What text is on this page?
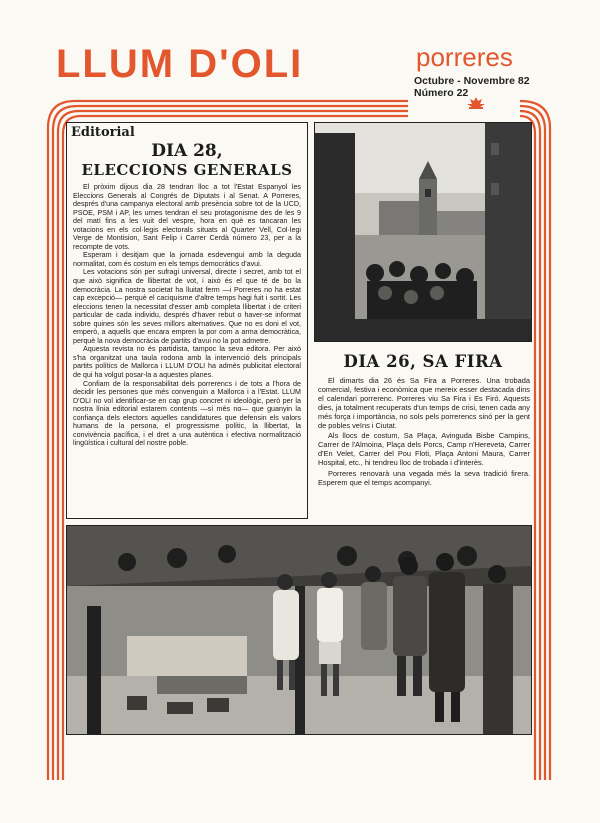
LLUM D'OLI	porreres
Octubre - Novembre 82
Número 22
Editorial
DIA 28,
ELECCIONS GENERALS

El pròxim dijous dia 28 tendran lloc a tot l'Estat Espanyol les Eleccions Generals al Congrés de Diputats i al Senat. A Porreres, després d'una campanya electoral amb presència sobre tot de la UCD, PSOE, PSM i AP, les urnes tendran el seu protagonisme des de les 9 del matí fins a les vuit del vespre, hora en què es tancaran les votacions en els col·legis electorals situats al Quarter Vell, Col·legi Verge de Montision, Sant Felip i Carrer Cerdà número 23, per a la recompte de vots.

Esperam i desitjam que la jornada esdevengui amb la deguda normalitat, com és costum en els temps democràtics d'avui.

Les votacions són per sufragi universal, directe i secret, amb tot el que això significa de llibertat de vot, i això és el que té de bo la democràcia. La nostra societat ha lluitat ferm —i Porreres no ha estat cap excepció— perquè el caciquisme d'altre temps hagi fuit i sortit. Les eleccions tenen la necessitat d'esser amb completa llibertat i de criteri particular de cada individu, després d'haver rebut o haver-se informat sobre quines són les seves millors alternatives. Que no es doni el vot, emperò, a aquells que encara empren la por com a arma democràtica, perquè la nova democràcia de partits d'avui no la pot admetre.

Aquesta revista no és partidista, tampoc la seva editora. Per això s'ha organitzat una taula rodona amb la intervenció dels principals partits polítics de Mallorca i LLUM D'OLI ha admès publicitat electoral de qui ha volgut posar-la a aquestes planes.

Confiam de la responsabilitat dels porrerencs i de tots a l'hora de decidir les persones que més convenguin a Mallorca i a l'Estat. LLUM D'OLI no vol identificar-se en cap grup concret ni ideològic, però per la nostra línia editorial estarem contents —sí més no— que guanyin la confiança dels electors aquelles candidatures que defensin els valors humans de la persona, el progressisme polític, la llibertat, la convivència pacífica, i el dret a una autèntica i efectiva normalització lingüística i cultural del nostre poble.

DIA 26, SA FIRA

El dimarts dia 26 és Sa Fira a Porreres. Una trobada comercial, festiva i econòmica que mereix esser destacada dins el calendari porrerenc. Porreres viu Sa Fira i Es Firó. Aquests dies, ja totalment recuperats d'un temps de crisi, tenen cada any més força i importància, no sols pels porrerencs sinó per la gent de pobles veïns i Ciutat.

Als llocs de costum, Sa Plaça, Avinguda Bisbe Campins, Carrer de l'Almoina, Plaça dels Porcs, Camp n'Hereveta, Carrer d'En Velet, Carrer del Pou Floti, Plaça Antoni Maura, Carrer Hospital, etc., hi tendreu lloc de trobada i d'interès.

Porreres renovarà una vegada més la seva tradició firera. Esperem que el temps acompanyi.
